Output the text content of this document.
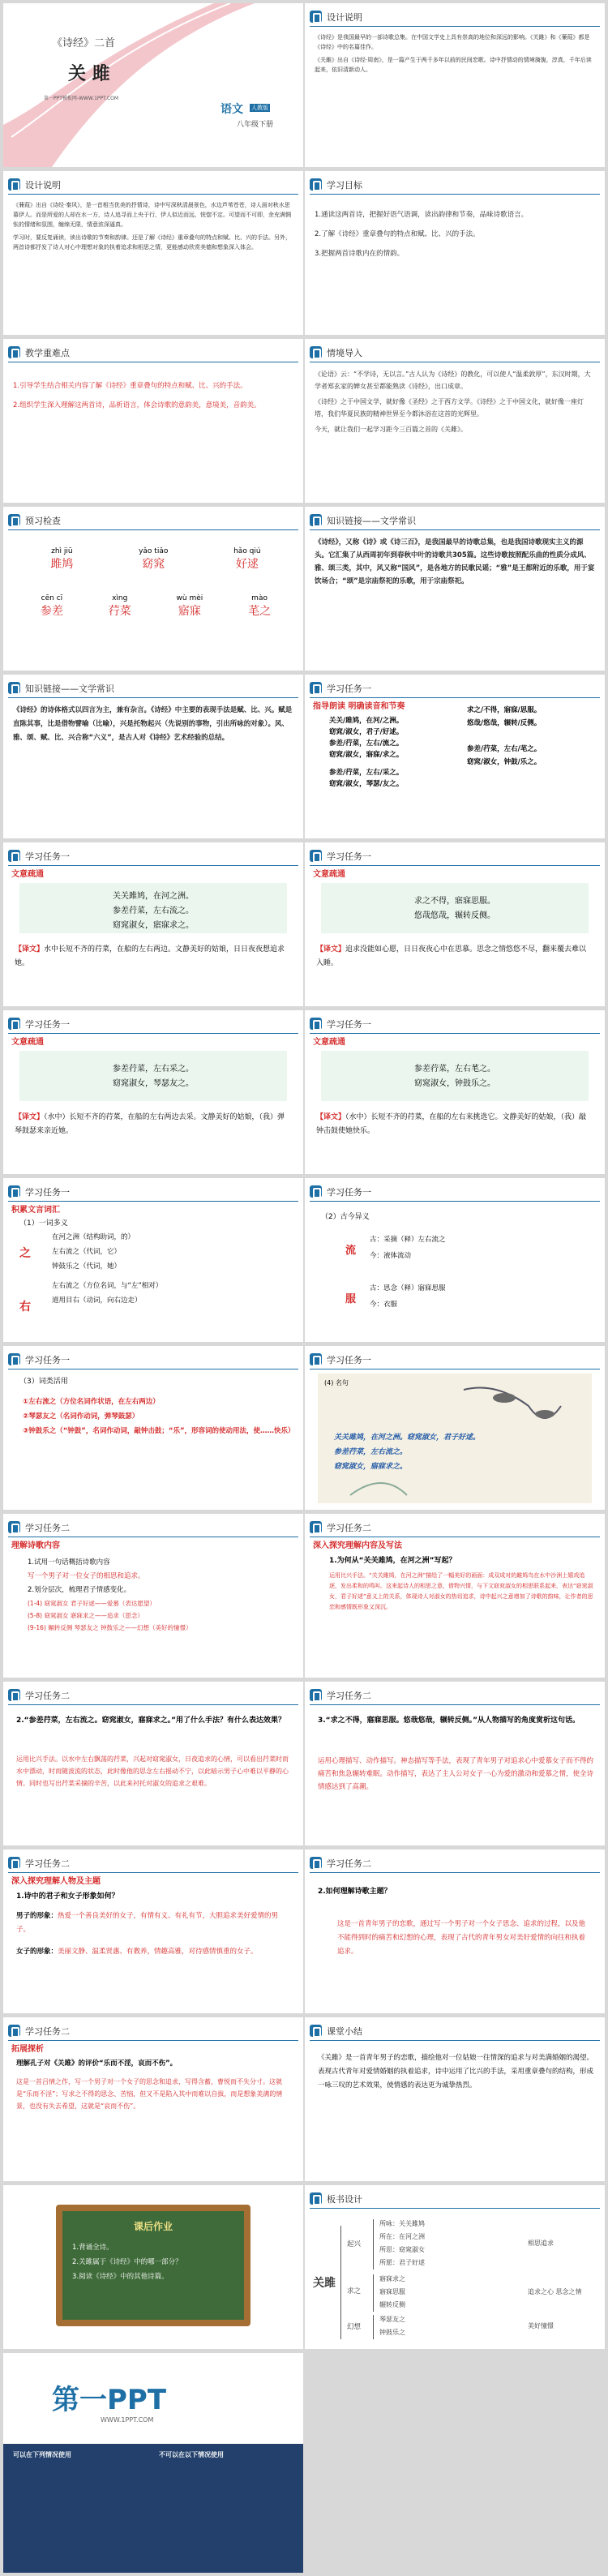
《诗经》二首
关 雎
语文 人教版
八年级下册
第一PPT模板网-WWW.1PPT.COM
设计说明

《诗经》是我国最早的一部诗歌总集。在中国文学史上具有崇高的地位和深远的影响。《关雎》和《蒹葭》都是《诗经》中的名篇佳作。

《关雎》出自《诗经·周南》，是一篇产生于两千多年以前的民间恋歌。诗中抒情动的情境旖旎，淳真，千年后读起来，依旧清新动人。

设计说明

《蒹葭》出自《诗经·秦风》，是一首相当优美的抒情诗，诗中写深秋清晨景色，水边芦苇苍苍，诗人面对秋水思慕伊人。而是所爱的人却在水一方，诗人追寻而上央于行，伊人似近而远，恍惚不定。可望而不可即，余充满惆怅的情绪和氛围，缠绵无限，情意浓深逼真。

学习时，要反复诵读，读出诗歌的节奏和韵律。还是了解《诗经》重章叠句的特点和赋、比、兴的手法。另外，两首诗都抒发了诗人对心中理想对象的执着追求和相思之情，更能感动欣赏美德和想象深入体会。

学习目标

1.通读这两首诗，把握好语气语调，读出韵律和节奏，品味诗歌语言。

2.了解《诗经》重章叠句的特点和赋、比、兴的手法。

3.把握两首诗歌内在的情韵。

教学重难点

1.引导学生结合相关内容了解《诗经》重章叠句的特点和赋、比、兴的手法。

2.组织学生深入理解这两首诗，品析语言，体会诗歌的意韵美，意境美，音韵美。

情境导入

《论语》云：“不学诗，无以言。”古人认为《诗经》的教化，可以使人“温柔敦厚”，东汉时期，大学者郑玄家的婢女甚至都能熟读《诗经》，出口成章。

《诗经》之于中国文学，就好像《圣经》之于西方文学。《诗经》之于中国文化，就好像一座灯塔，我们华夏民族的精神世界至今都沐浴在这首的光辉里。

今天，就让我们一起学习距今三百篇之首的《关雎》。

预习检查
zhì jiū
雎鸠
yǎo tiǎo
窈窕
hǎo qiú
好逑
cēn cī
参差
xìng
荇菜
wù mèi
寤寐
mào
芼之
知识链接——文学常识

《诗经》，又称《诗》或《诗三百》，是我国最早的诗歌总集，也是我国诗歌现实主义的源头。它汇集了从西周初年到春秋中叶的诗歌共305篇。这些诗歌按照配乐曲的性质分成风、雅、颂三类，其中，风又称“国风”，是各地方的民歌民谣；“雅”是王都附近的乐歌，用于宴饮场合；“颂”是宗庙祭祀的乐歌，用于宗庙祭祀。

知识链接——文学常识

《诗经》的诗体格式以四言为主，兼有杂言。《诗经》中主要的表现手法是赋、比、兴。赋是直陈其事，比是借物譬喻（比喻），兴是托物起兴（先说别的事物，引出所咏的对象）。风、雅、颂、赋、比、兴合称“六义”，是古人对《诗经》艺术经验的总结。

学习任务一
指导朗读 明确读音和节奏
关关/雎鸠，在河/之洲。
窈窕/淑女，君子/好逑。
参差/荇菜，左右/流之。
窈窕/淑女，寤寐/求之。
参差/荇菜，左右/采之。
窈窕/淑女，琴瑟/友之。
求之/不得，寤寐/思服。
悠哉/悠哉，辗转/反侧。
参差/荇菜，左右/芼之。
窈窕/淑女，钟鼓/乐之。
学习任务一
文意疏通
关关雎鸠，在河之洲。
参差荇菜，左右流之。
窈窕淑女，寤寐求之。
【译文】水中长短不齐的荇菜，在船的左右两边。文静美好的姑娘，日日夜夜想追求她。
学习任务一
文意疏通
求之不得，寤寐思服。
悠哉悠哉，辗转反侧。
【译文】追求没能如心愿，日日夜夜心中在思慕。思念之情悠悠不尽，翻来覆去难以入睡。
学习任务一
文意疏通
参差荇菜，左右采之。
窈窕淑女，琴瑟友之。
【译文】（水中）长短不齐的荇菜，在船的左右两边去采。文静美好的姑娘，（我）弹琴鼓瑟来亲近她。
学习任务一
文意疏通
参差荇菜，左右芼之。
窈窕淑女，钟鼓乐之。
【译文】（水中）长短不齐的荇菜，在船的左右来挑选它。文静美好的姑娘，（我）敲钟击鼓使她快乐。
学习任务一
积累文言词汇
（1）一词多义
之
右
在河之洲（结构助词，的）
左右流之（代词，它）
钟鼓乐之（代词，她）
左右流之（方位名词，与“左”相对）
道用目右（动词，向右边走）
学习任务一
（2）古今异义
流
古：采摘（释）左右流之
今：液体流动
服
古：思念（释）寤寐思服
今：衣服
学习任务一
（3）词类活用
①左右流之（方位名词作状语，在左右两边）
②琴瑟友之（名词作动词，弹琴鼓瑟）
③钟鼓乐之（“钟鼓”，名词作动词，敲钟击鼓；“乐”，形容词的使动用法，使……快乐）
学习任务一
(4) 名句
关关雎鸠，在河之洲。窈窕淑女，君子好逑。
参差荇菜，左右流之。
窈窕淑女，寤寐求之。
学习任务二
理解诗歌内容
1.试用一句话概括诗歌内容
写一个男子对一位女子的相思和追求。
2.划分层次，梳理君子情感变化。
(1-4) 窈窕淑女 君子好逑——爱慕（表达愿望）
(5-8) 窈窕淑女 寤寐求之——追求（思念）
(9-16) 辗转反侧 琴瑟友之 钟鼓乐之——幻想（美好的憧憬）
学习任务二
深入探究理解内容及写法
1.为何从“关关雎鸠，在河之洲”写起？
运用比兴手法。“关关雎鸠，在河之洲”描绘了一幅美好的画面：成双成对的雎鸠鸟在水中沙洲上嬉戏追逐，发出柔和的鸣叫。这来起诗人的相思之意，借物兴情，与下文窈窕淑女的相思联系起来，表达“窈窕淑女，君子好逑”意义上的关系，体现诗人对淑女的热切追求，诗中起兴之意增加了诗歌的韵味，让作者的思恋和感情既形象又深沉。
学习任务二
2.“参差荇菜，左右流之。窈窕淑女，寤寐求之。”用了什么手法？有什么表达效果？
运用比兴手法。以水中左右飘荡的荇菜，兴起对窈窕淑女，日夜追求的心情，可以看出荇菜时而水中漂动，时而随波流的状态，此时像他的思念左右摇动不宁，以此暗示男子心中难以平静的心情。同时也写出荇菜采摘的辛苦，以此来衬托对淑女的追求之艰难。
学习任务二
3.“求之不得，寤寐思服。悠哉悠哉，辗转反侧。”从人物描写的角度赏析这句话。
运用心理描写、动作描写。神态描写等手法，表现了青年男子对追求心中爱慕女子而不得的痛苦和焦急辗转难眠。动作描写，表达了主人公对女子一心为爱的激动和爱慕之情，使全诗情感达到了高潮。
学习任务二
深入探究理解人物及主题
1.诗中的君子和女子形象如何？
男子的形象：热爱一个善良美好的女子，有情有义、有礼有节，大胆追求美好爱情的男子。
女子的形象：美丽文静、温柔贤惠、有教养，情趣高雅，对待感情慎重的女子。
学习任务二
2.如何理解诗歌主题？
这是一首青年男子的恋歌，通过写一个男子对一个女子思念、追求的过程，以及他不能得到时的痛苦和幻想的心理，表现了古代的青年男女对美好爱情的向往和执着追求。
学习任务二
拓展探析
理解孔子对《关雎》的评价“乐而不淫，哀而不伤”。
这是一首吕情之作，写一个男子对一个女子的思念和追求，写得含蓄，曹悦而不失分寸。这就是“乐而不淫”；写求之不得的思念、苦恼，但又不是陷入其中而难以自拔，而是想象美满的情景，也没有失去希望，这就是“哀而不伤”。
课堂小结
《关雎》是一首青年男子的恋歌，描绘他对一位姑娘一往情深的追求与对美满婚姻的渴望。表现古代青年对爱情婚姻的执着追求，诗中运用了比兴的手法，采用重章叠句的结构，形成一咏三叹的艺术效果，使情感的表达更为诚挚热烈。
课后作业
1.背诵全诗。
2.关雎属于《诗经》中的哪一部分？
3.阅读《诗经》中的其他诗篇。
板书设计
关雎
起兴
所咏：关关雎鸠
所在：在河之洲
所思：窈窕淑女
所愿：君子好逑
相思追求
求之
寤寐求之
寤寐思服
辗转反侧
追求之心 思念之情
幻想
琴瑟友之
钟鼓乐之
美好憧憬
第一PPT
WWW.1PPT.COM
可以在下列情况使用	不可以在以下情况使用
